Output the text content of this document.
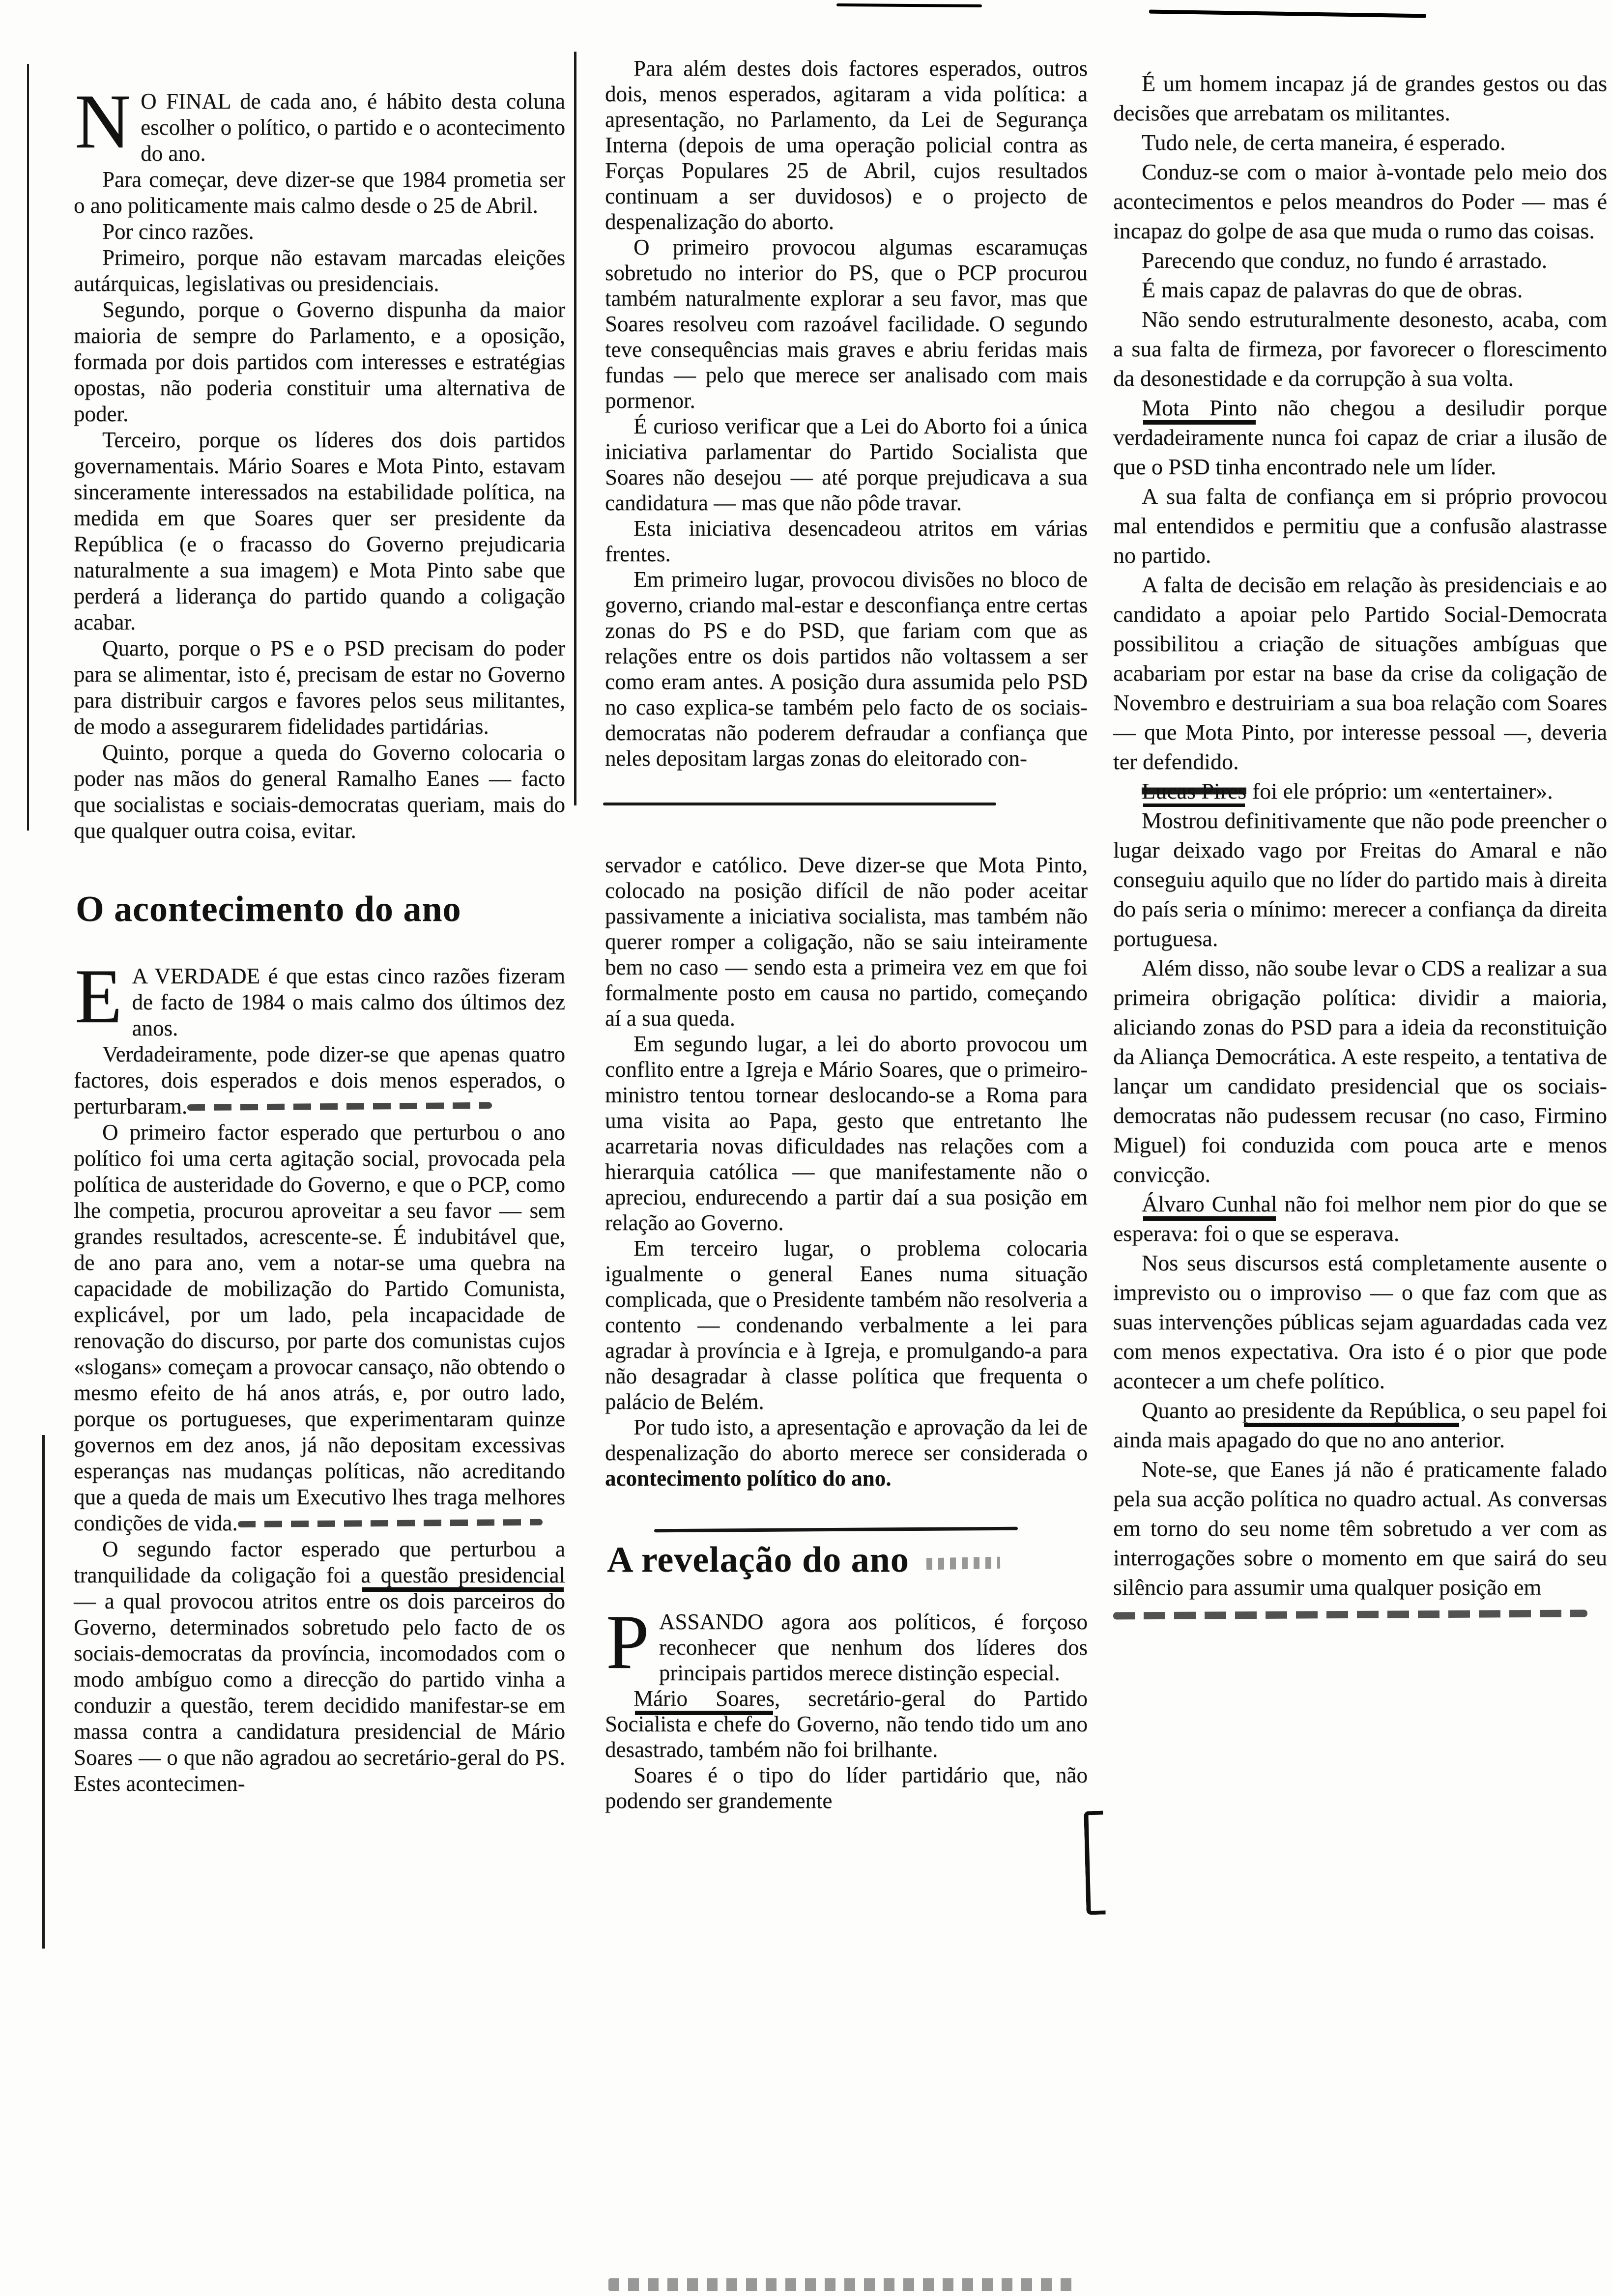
N O FINAL de cada ano, é hábito desta coluna escolher o político, o partido e o acontecimento do ano.

Para começar, deve dizer-se que 1984 prometia ser o ano politicamente mais calmo desde o 25 de Abril.

Por cinco razões.

Primeiro, porque não estavam marcadas eleições autárquicas, legislativas ou presidenciais.

Segundo, porque o Governo dispunha da maior maioria de sempre do Parlamento, e a oposição, formada por dois partidos com interesses e estratégias opostas, não poderia constituir uma alternativa de poder.

Terceiro, porque os líderes dos dois partidos governamentais. Mário Soares e Mota Pinto, estavam sinceramente interessados na estabilidade política, na medida em que Soares quer ser presidente da República (e o fracasso do Governo prejudicaria naturalmente a sua imagem) e Mota Pinto sabe que perderá a liderança do partido quando a coligação acabar.

Quarto, porque o PS e o PSD precisam do poder para se alimentar, isto é, precisam de estar no Governo para distribuir cargos e favores pelos seus militantes, de modo a assegurarem fidelidades partidárias.

Quinto, porque a queda do Governo colocaria o poder nas mãos do general Ramalho Eanes — facto que socialistas e sociais-democratas queriam, mais do que qualquer outra coisa, evitar.

O acontecimento do ano

E A VERDADE é que estas cinco razões fizeram de facto de 1984 o mais calmo dos últimos dez anos.

Verdadeiramente, pode dizer-se que apenas quatro factores, dois esperados e dois menos esperados, o perturbaram.

O primeiro factor esperado que perturbou o ano político foi uma certa agitação social, provocada pela política de austeridade do Governo, e que o PCP, como lhe competia, procurou aproveitar a seu favor — sem grandes resultados, acrescente-se. É indubitável que, de ano para ano, vem a notar-se uma quebra na capacidade de mobilização do Partido Comunista, explicável, por um lado, pela incapacidade de renovação do discurso, por parte dos comunistas cujos «slogans» começam a provocar cansaço, não obtendo o mesmo efeito de há anos atrás, e, por outro lado, porque os portugueses, que experimentaram quinze governos em dez anos, já não depositam excessivas esperanças nas mudanças políticas, não acreditando que a queda de mais um Executivo lhes traga melhores condições de vida.

O segundo factor esperado que perturbou a tranquilidade da coligação foi a questão presidencial — a qual provocou atritos entre os dois parceiros do Governo, determinados sobretudo pelo facto de os sociais-democratas da província, incomodados com o modo ambíguo como a direcção do partido vinha a conduzir a questão, terem decidido manifestar-se em massa contra a candidatura presidencial de Mário Soares — o que não agradou ao secretário-geral do PS. Estes acontecimen-

Para além destes dois factores esperados, outros dois, menos esperados, agitaram a vida política: a apresentação, no Parlamento, da Lei de Segurança Interna (depois de uma operação policial contra as Forças Populares 25 de Abril, cujos resultados continuam a ser duvidosos) e o projecto de despenalização do aborto.

O primeiro provocou algumas escaramuças sobretudo no interior do PS, que o PCP procurou também naturalmente explorar a seu favor, mas que Soares resolveu com razoável facilidade. O segundo teve consequências mais graves e abriu feridas mais fundas — pelo que merece ser analisado com mais pormenor.

É curioso verificar que a Lei do Aborto foi a única iniciativa parlamentar do Partido Socialista que Soares não desejou — até porque prejudicava a sua candidatura — mas que não pôde travar.

Esta iniciativa desencadeou atritos em várias frentes.

Em primeiro lugar, provocou divisões no bloco de governo, criando mal-estar e desconfiança entre certas zonas do PS e do PSD, que fariam com que as relações entre os dois partidos não voltassem a ser como eram antes. A posição dura assumida pelo PSD no caso explica-se também pelo facto de os sociais-democratas não poderem defraudar a confiança que neles depositam largas zonas do eleitorado con-

servador e católico. Deve dizer-se que Mota Pinto, colocado na posição difícil de não poder aceitar passivamente a iniciativa socialista, mas também não querer romper a coligação, não se saiu inteiramente bem no caso — sendo esta a primeira vez em que foi formalmente posto em causa no partido, começando aí a sua queda.

Em segundo lugar, a lei do aborto provocou um conflito entre a Igreja e Mário Soares, que o primeiro-ministro tentou tornear deslocando-se a Roma para uma visita ao Papa, gesto que entretanto lhe acarretaria novas dificuldades nas relações com a hierarquia católica — que manifestamente não o apreciou, endurecendo a partir daí a sua posição em relação ao Governo.

Em terceiro lugar, o problema colocaria igualmente o general Eanes numa situação complicada, que o Presidente também não resolveria a contento — condenando verbalmente a lei para agradar à província e à Igreja, e promulgando-a para não desagradar à classe política que frequenta o palácio de Belém.

Por tudo isto, a apresentação e aprovação da lei de despenalização do aborto merece ser considerada o acontecimento político do ano.

A revelação do ano

PASSANDO agora aos políticos, é forçoso reconhecer que nenhum dos líderes dos principais partidos merece distinção especial.

Mário Soares, secretário-geral do Partido Socialista e chefe do Governo, não tendo tido um ano desastrado, também não foi brilhante.

Soares é o tipo do líder partidário que, não podendo ser grandemente

É um homem incapaz já de grandes gestos ou das decisões que arrebatam os militantes.

Tudo nele, de certa maneira, é esperado.

Conduz-se com o maior à-vontade pelo meio dos acontecimentos e pelos meandros do Poder — mas é incapaz do golpe de asa que muda o rumo das coisas.

Parecendo que conduz, no fundo é arrastado.

É mais capaz de palavras do que de obras.

Não sendo estruturalmente desonesto, acaba, com a sua falta de firmeza, por favorecer o florescimento da desonestidade e da corrupção à sua volta.

Mota Pinto não chegou a desiludir porque verdadeiramente nunca foi capaz de criar a ilusão de que o PSD tinha encontrado nele um líder.

A sua falta de confiança em si próprio provocou mal entendidos e permitiu que a confusão alastrasse no partido.

A falta de decisão em relação às presidenciais e ao candidato a apoiar pelo Partido Social-Democrata possibilitou a criação de situações ambíguas que acabariam por estar na base da crise da coligação de Novembro e destruiriam a sua boa relação com Soares — que Mota Pinto, por interesse pessoal —, deveria ter defendido.

Lucas Pires foi ele próprio: um «entertainer».

Mostrou definitivamente que não pode preencher o lugar deixado vago por Freitas do Amaral e não conseguiu aquilo que no líder do partido mais à direita do país seria o mínimo: merecer a confiança da direita portuguesa.

Além disso, não soube levar o CDS a realizar a sua primeira obrigação política: dividir a maioria, aliciando zonas do PSD para a ideia da reconstituição da Aliança Democrática. A este respeito, a tentativa de lançar um candidato presidencial que os sociais-democratas não pudessem recusar (no caso, Firmino Miguel) foi conduzida com pouca arte e menos convicção.

Álvaro Cunhal não foi melhor nem pior do que se esperava: foi o que se esperava.

Nos seus discursos está completamente ausente o imprevisto ou o improviso — o que faz com que as suas intervenções públicas sejam aguardadas cada vez com menos expectativa. Ora isto é o pior que pode acontecer a um chefe político.

Quanto ao presidente da República, o seu papel foi ainda mais apagado do que no ano anterior.

Note-se, que Eanes já não é praticamente falado pela sua acção política no quadro actual. As conversas em torno do seu nome têm sobretudo a ver com as interrogações sobre o momento em que sairá do seu silêncio para assumir uma qualquer posição em
